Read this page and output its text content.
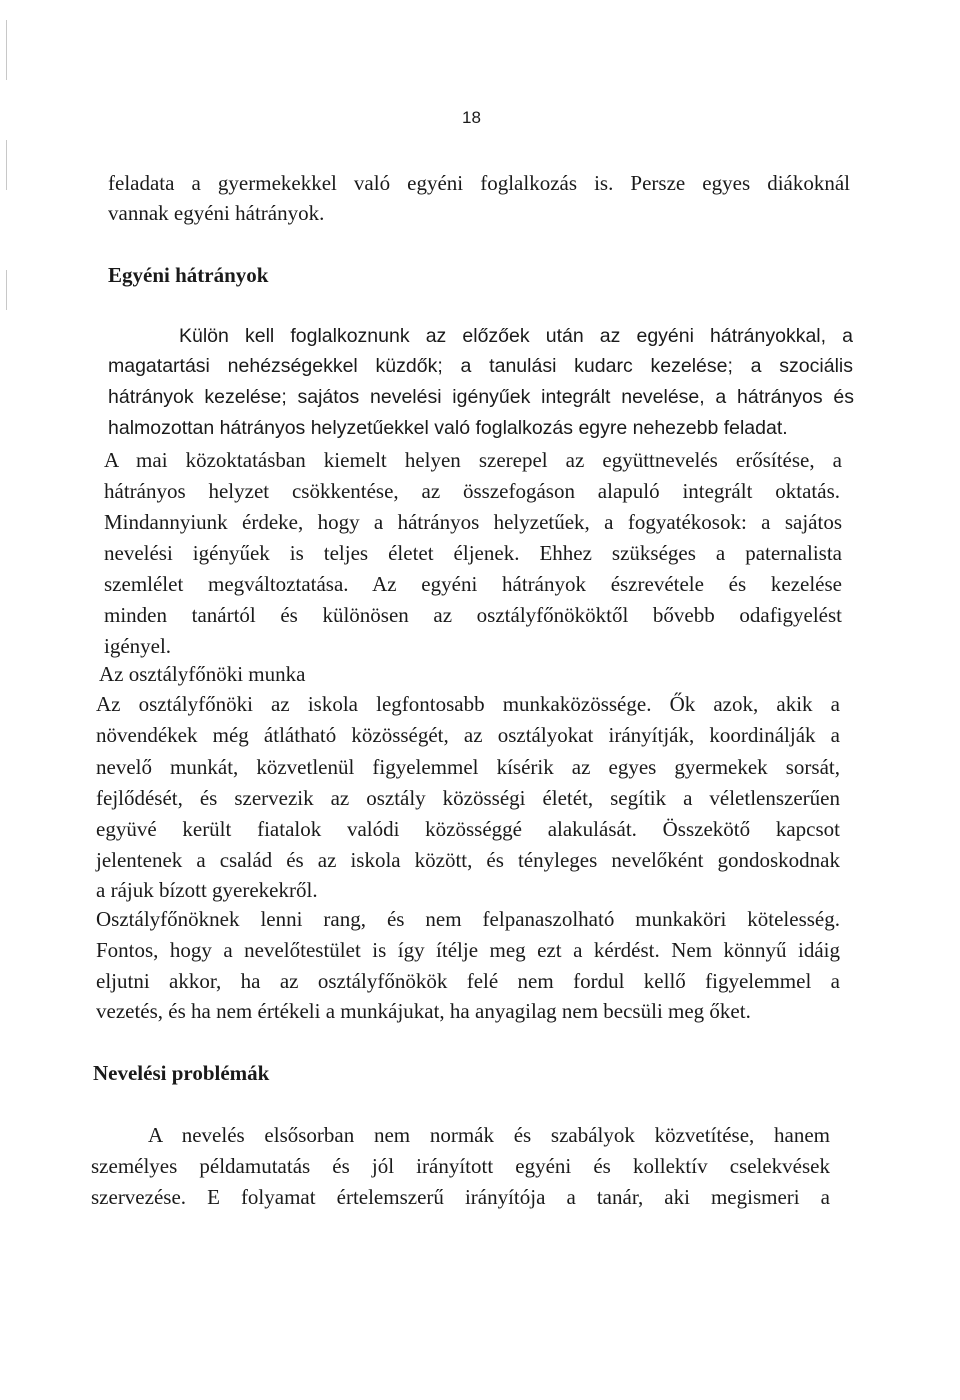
18
feladata a gyermekekkel való egyéni foglalkozás is. Persze egyes diákoknál
vannak egyéni hátrányok.
Egyéni hátrányok
Külön kell foglalkoznunk az előzőek után az egyéni hátrányokkal, a
magatartási nehézségekkel küzdők; a tanulási kudarc kezelése; a szociális
hátrányok kezelése; sajátos nevelési igényűek integrált nevelése, a hátrányos és
halmozottan hátrányos helyzetűekkel való foglalkozás egyre nehezebb feladat.
A mai közoktatásban kiemelt helyen szerepel az együttnevelés erősítése, a
hátrányos helyzet csökkentése, az összefogáson alapuló integrált oktatás.
Mindannyiunk érdeke, hogy a hátrányos helyzetűek, a fogyatékosok: a sajátos
nevelési igényűek is teljes életet éljenek. Ehhez szükséges a paternalista
szemlélet megváltoztatása. Az egyéni hátrányok észrevétele és kezelése
minden tanártól és különösen az osztályfőnököktől bővebb odafigyelést
igényel.
Az osztályfőnöki munka
Az osztályfőnöki az iskola legfontosabb munkaközössége. Ők azok, akik a
növendékek még átlátható közösségét, az osztályokat irányítják, koordinálják a
nevelő munkát, közvetlenül figyelemmel kísérik az egyes gyermekek sorsát,
fejlődését, és szervezik az osztály közösségi életét, segítik a véletlenszerűen
együvé került fiatalok valódi közösséggé alakulását. Összekötő kapcsot
jelentenek a család és az iskola között, és tényleges nevelőként gondoskodnak
a rájuk bízott gyerekekről.
Osztályfőnöknek lenni rang, és nem felpanaszolható munkaköri kötelesség.
Fontos, hogy a nevelőtestület is így ítélje meg ezt a kérdést. Nem könnyű idáig
eljutni akkor, ha az osztályfőnökök felé nem fordul kellő figyelemmel a
vezetés, és ha nem értékeli a munkájukat, ha anyagilag nem becsüli meg őket.
Nevelési problémák
A nevelés elsősorban nem normák és szabályok közvetítése, hanem
személyes példamutatás és jól irányított egyéni és kollektív cselekvések
szervezése. E folyamat értelemszerű irányítója a tanár, aki megismeri a
